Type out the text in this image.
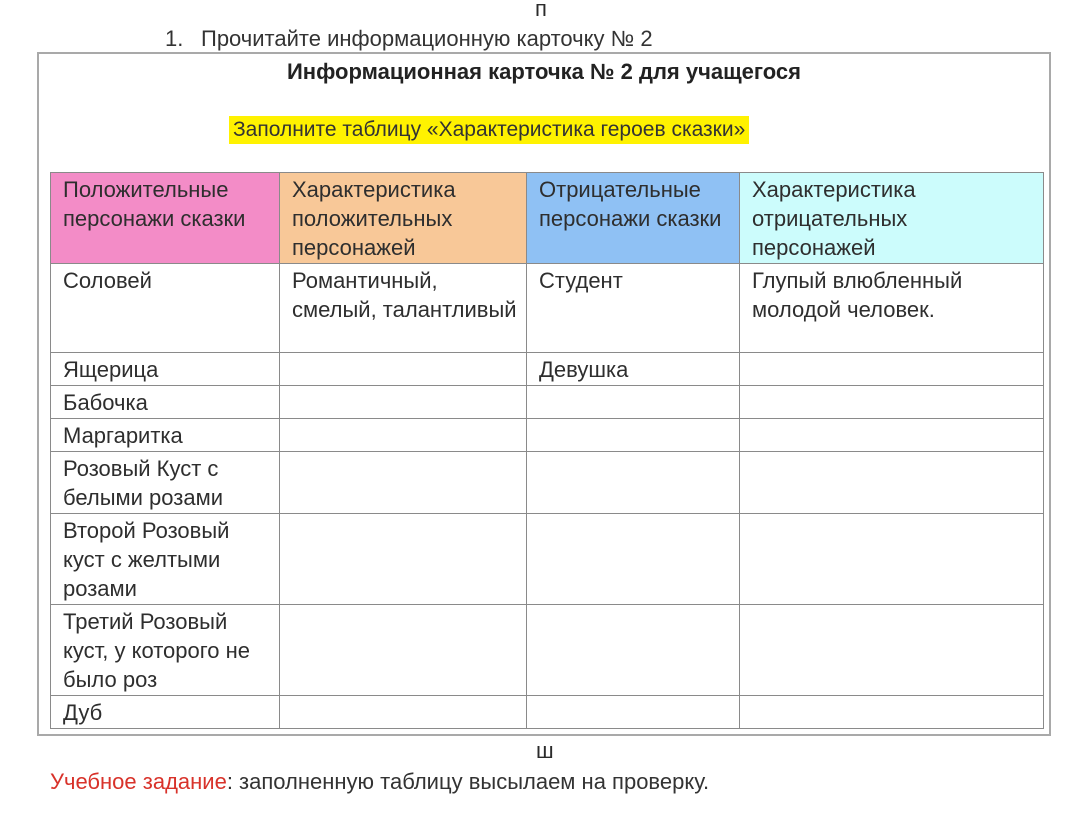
п
1. Прочитайте информационную карточку № 2
Информационная карточка № 2 для учащегося
Заполните таблицу «Характеристика героев сказки»
Положительные персонажи сказки	Характеристика положительных персонажей	Отрицательные персонажи сказки	Характеристика отрицательных персонажей
Соловей	Романтичный, смелый, талантливый	Студент	Глупый влюбленный молодой человек.
Ящерица		Девушка	
Бабочка			
Маргаритка			
Розовый Куст с белыми розами			
Второй Розовый куст с желтыми розами			
Третий Розовый куст, у которого не было роз			
Дуб			
ш
Учебное задание: заполненную таблицу высылаем на проверку.
